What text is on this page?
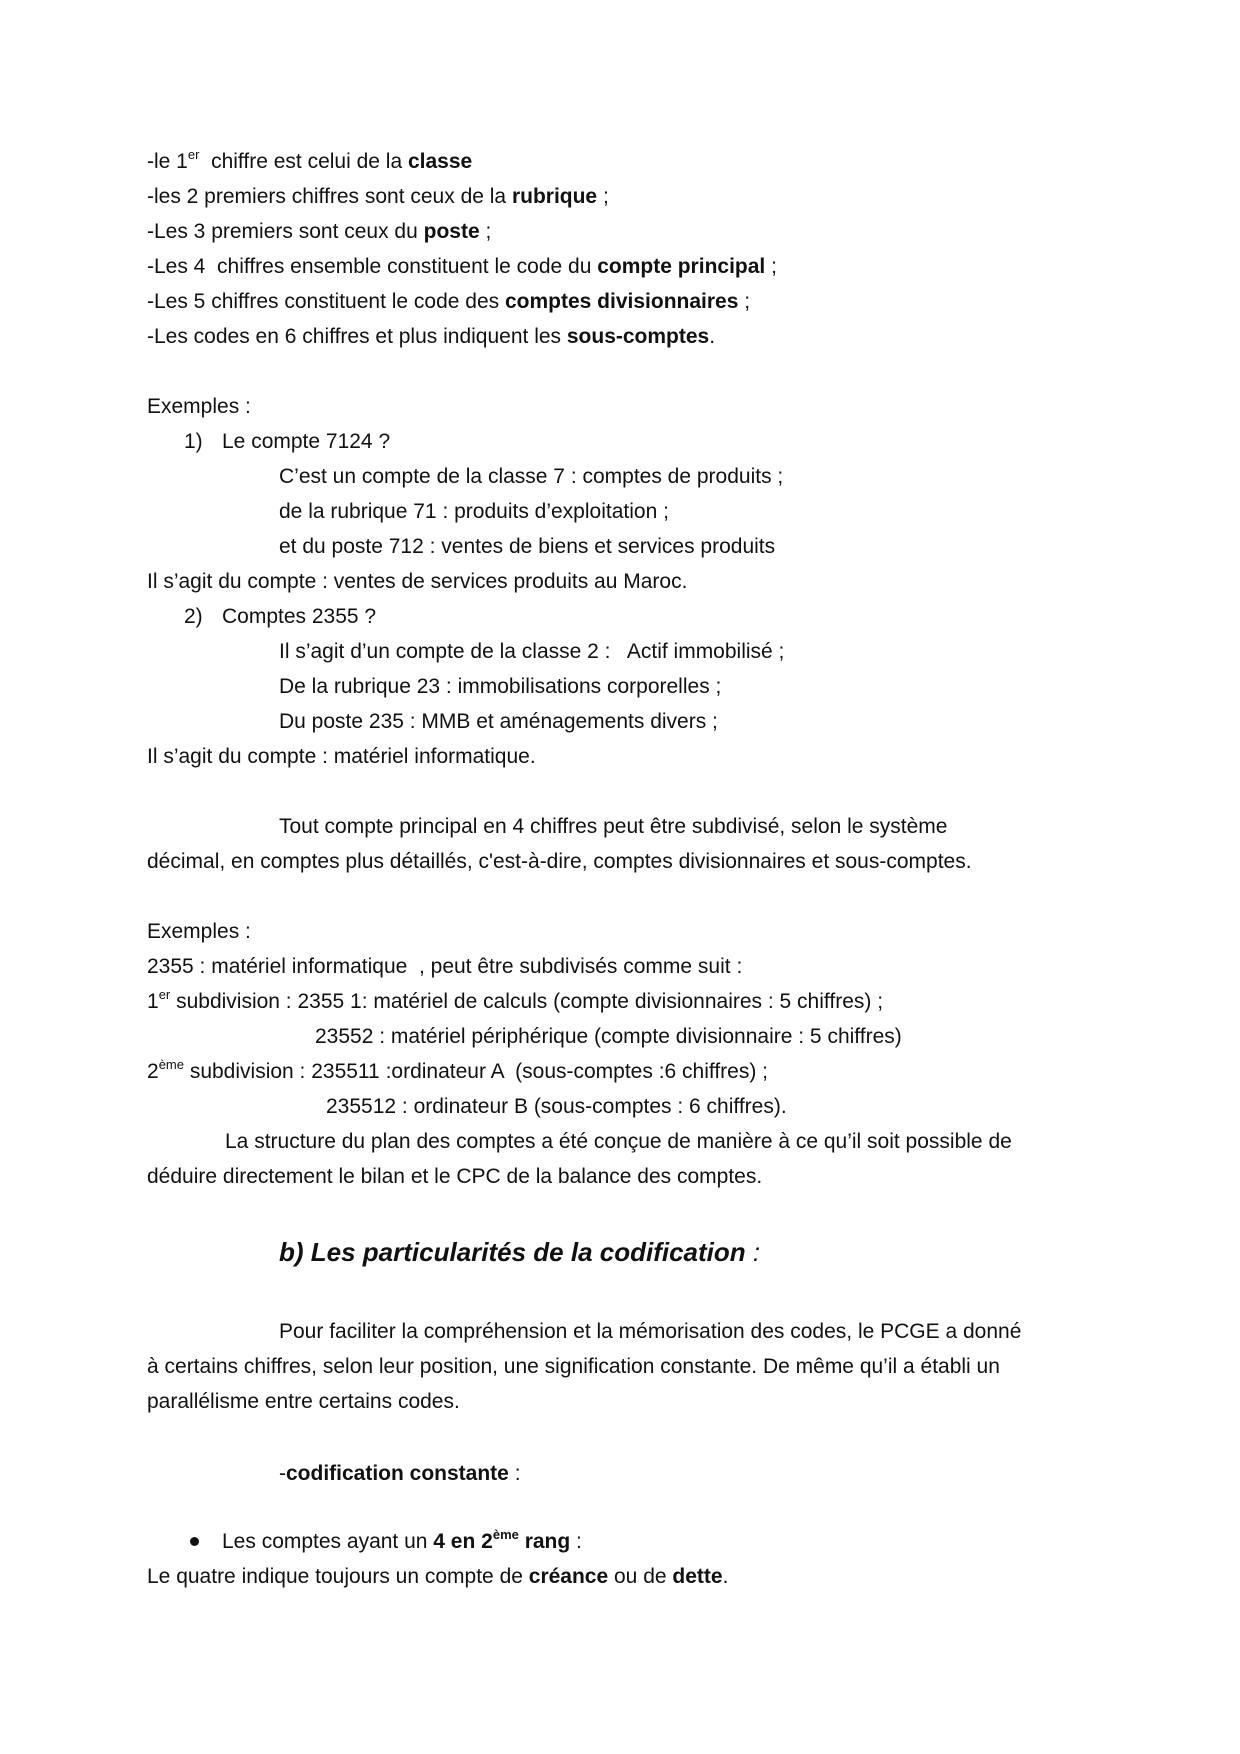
-le 1er  chiffre est celui de la classe
-les 2 premiers chiffres sont ceux de la rubrique ;
-Les 3 premiers sont ceux du poste ;
-Les 4  chiffres ensemble constituent le code du compte principal ;
-Les 5 chiffres constituent le code des comptes divisionnaires ;
-Les codes en 6 chiffres et plus indiquent les sous-comptes.
Exemples :
1) Le compte 7124 ?
C’est un compte de la classe 7 : comptes de produits ;
de la rubrique 71 : produits d’exploitation ;
et du poste 712 : ventes de biens et services produits
Il s’agit du compte : ventes de services produits au Maroc.
2) Comptes 2355 ?
Il s’agit d’un compte de la classe 2 :   Actif immobilisé ;
De la rubrique 23 : immobilisations corporelles ;
Du poste 235 : MMB et aménagements divers ;
Il s’agit du compte : matériel informatique.
Tout compte principal en 4 chiffres peut être subdivisé, selon le système
décimal, en comptes plus détaillés, c'est-à-dire, comptes divisionnaires et sous-comptes.
Exemples :
2355 : matériel informatique  , peut être subdivisés comme suit :
1er subdivision : 2355 1: matériel de calculs (compte divisionnaires : 5 chiffres) ;
23552 : matériel périphérique (compte divisionnaire : 5 chiffres)
2ème subdivision : 235511 :ordinateur A  (sous-comptes :6 chiffres) ;
235512 : ordinateur B (sous-comptes : 6 chiffres).
La structure du plan des comptes a été conçue de manière à ce qu’il soit possible de
déduire directement le bilan et le CPC de la balance des comptes.
b) Les particularités de la codification :
Pour faciliter la compréhension et la mémorisation des codes, le PCGE a donné
à certains chiffres, selon leur position, une signification constante. De même qu’il a établi un
parallélisme entre certains codes.
-codification constante :
Les comptes ayant un 4 en 2ème rang :
Le quatre indique toujours un compte de créance ou de dette.
